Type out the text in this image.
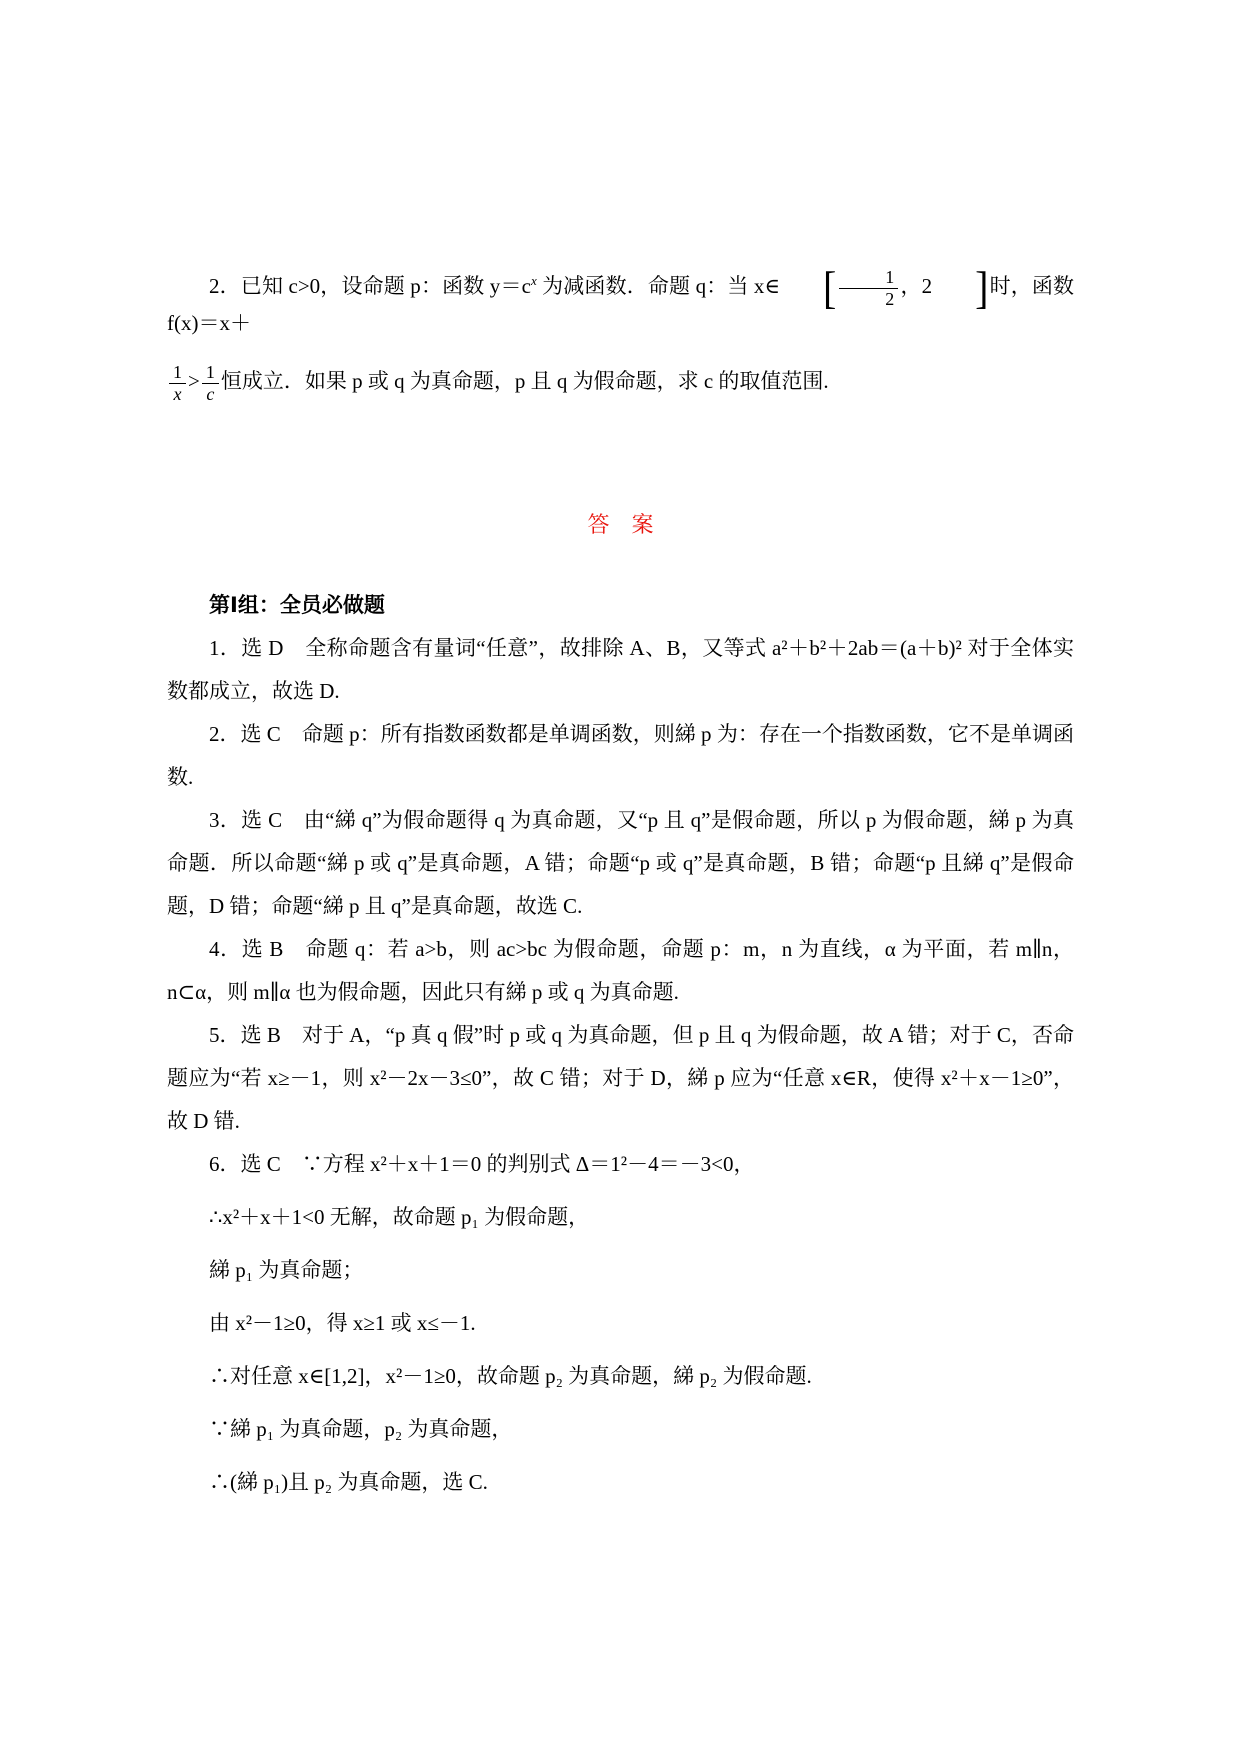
2．已知 c>0，设命题 p：函数 $y=c^x$ 为减函数．命题 q：当 x∈ [ $\frac{1}{2}$ ，2 ]时，函数 f(x)＝x＋

$\frac{1}{x} > \frac{1}{c}$ 恒成立．如果 p 或 q 为真命题，p 且 q 为假命题，求 c 的取值范围.

答　案
第Ⅰ组：全员必做题

1．选 D　全称命题含有量词“任意”，故排除 A、B，又等式 a²＋b²＋2ab＝(a＋b)² 对于全体实数都成立，故选 D.

2．选 C　命题 p：所有指数函数都是单调函数，则綈 p 为：存在一个指数函数，它不是单调函数.

3．选 C　由“綈 q”为假命题得 q 为真命题，又“p 且 q”是假命题，所以 p 为假命题，綈 p 为真命题．所以命题“綈 p 或 q”是真命题，A 错；命题“p 或 q”是真命题，B 错；命题“p 且綈 q”是假命题，D 错；命题“綈 p 且 q”是真命题，故选 C.

4．选 B　命题 q：若 a>b，则 ac>bc 为假命题，命题 p：m，n 为直线，α 为平面，若 m∥n，n⊂α，则 m∥α 也为假命题，因此只有綈 p 或 q 为真命题.

5．选 B　对于 A，“p 真 q 假”时 p 或 q 为真命题，但 p 且 q 为假命题，故 A 错；对于 C，否命题应为“若 x≥－1，则 x²－2x－3≤0”，故 C 错；对于 D，綈 p 应为“任意 x∈R，使得 x²＋x－1≥0”，故 D 错.

6．选 C　∵方程 x²＋x＋1＝0 的判别式 Δ＝1²－4＝－3<0，

∴x²＋x＋1<0 无解，故命题 p₁ 为假命题，

綈 p₁ 为真命题；

由 x²－1≥0，得 x≥1 或 x≤－1.

∴对任意 x∈[1,2]，x²－1≥0，故命题 p₂ 为真命题，綈 p₂ 为假命题.

∵綈 p₁ 为真命题，p₂ 为真命题，

∴(綈 p₁)且 p₂ 为真命题，选 C.
